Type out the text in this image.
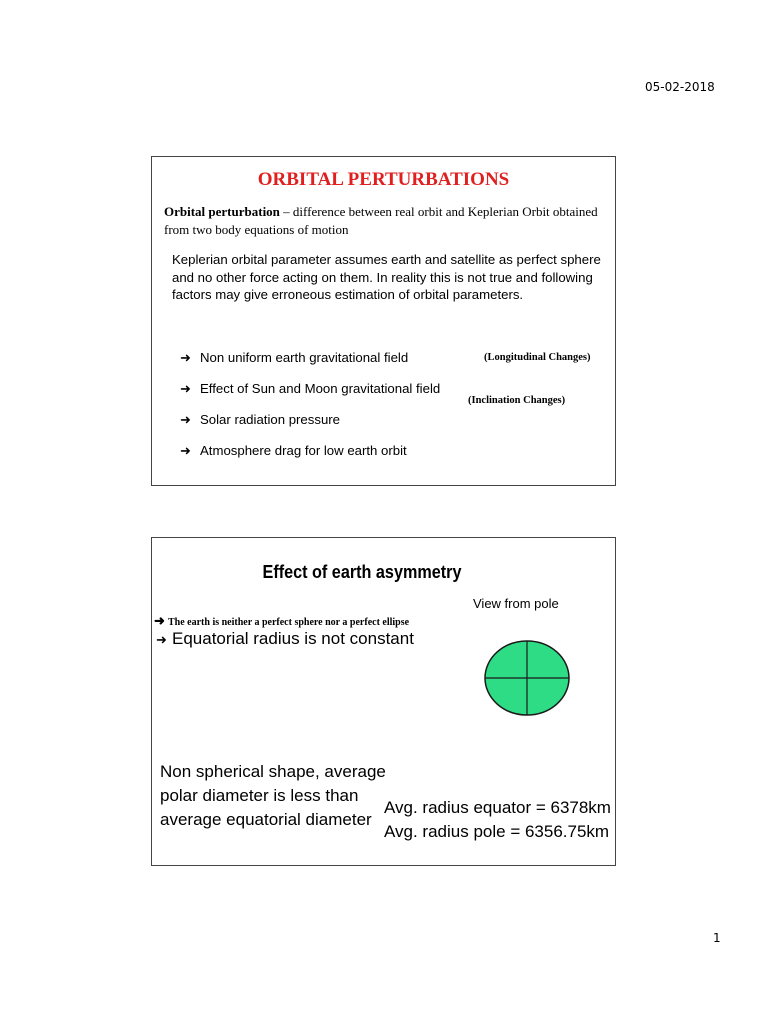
05-02-2018
ORBITAL PERTURBATIONS
Orbital perturbation – difference between real orbit and Keplerian Orbit obtained from two body equations of motion
Keplerian orbital parameter assumes earth and satellite as perfect sphere and no other force acting on them. In reality this is not true and following factors may give erroneous estimation of orbital parameters.
➜ Non uniform earth gravitational field	(Longitudinal Changes)
➜ Effect of Sun and Moon gravitational field
(Inclination Changes)
➜ Solar radiation pressure
➜ Atmosphere drag for low earth orbit
Effect of earth asymmetry
➜ The earth is neither a perfect sphere nor a perfect ellipse
➜ Equatorial radius is not constant
View from pole
Non spherical shape, average polar diameter is less than average equatorial diameter
Avg. radius equator = 6378km
Avg. radius pole = 6356.75km
1
